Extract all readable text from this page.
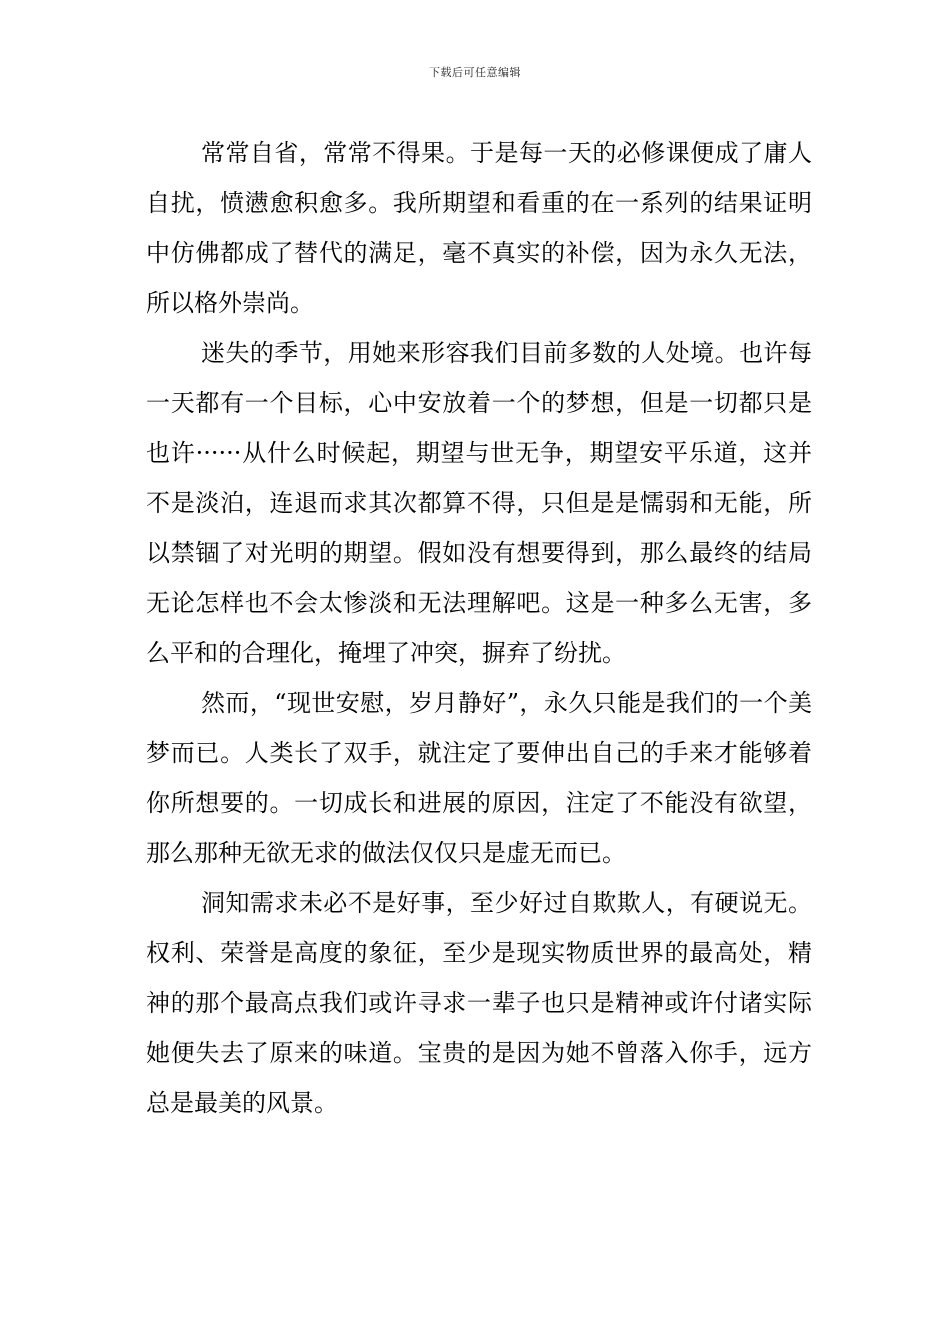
下载后可任意编辑

常常自省，常常不得果。于是每一天的必修课便成了庸人自扰，愤懑愈积愈多。我所期望和看重的在一系列的结果证明中仿佛都成了替代的满足，毫不真实的补偿，因为永久无法，所以格外崇尚。

迷失的季节，用她来形容我们目前多数的人处境。也许每一天都有一个目标，心中安放着一个的梦想，但是一切都只是也许······从什么时候起，期望与世无争，期望安平乐道，这并不是淡泊，连退而求其次都算不得，只但是是懦弱和无能，所以禁锢了对光明的期望。假如没有想要得到，那么最终的结局无论怎样也不会太惨淡和无法理解吧。这是一种多么无害，多么平和的合理化，掩埋了冲突，摒弃了纷扰。

然而，“现世安慰，岁月静好”，永久只能是我们的一个美梦而已。人类长了双手，就注定了要伸出自己的手来才能够着你所想要的。一切成长和进展的原因，注定了不能没有欲望，那么那种无欲无求的做法仅仅只是虚无而已。

洞知需求未必不是好事，至少好过自欺欺人，有硬说无。权利、荣誉是高度的象征，至少是现实物质世界的最高处，精神的那个最高点我们或许寻求一辈子也只是精神或许付诸实际她便失去了原来的味道。宝贵的是因为她不曾落入你手，远方总是最美的风景。
